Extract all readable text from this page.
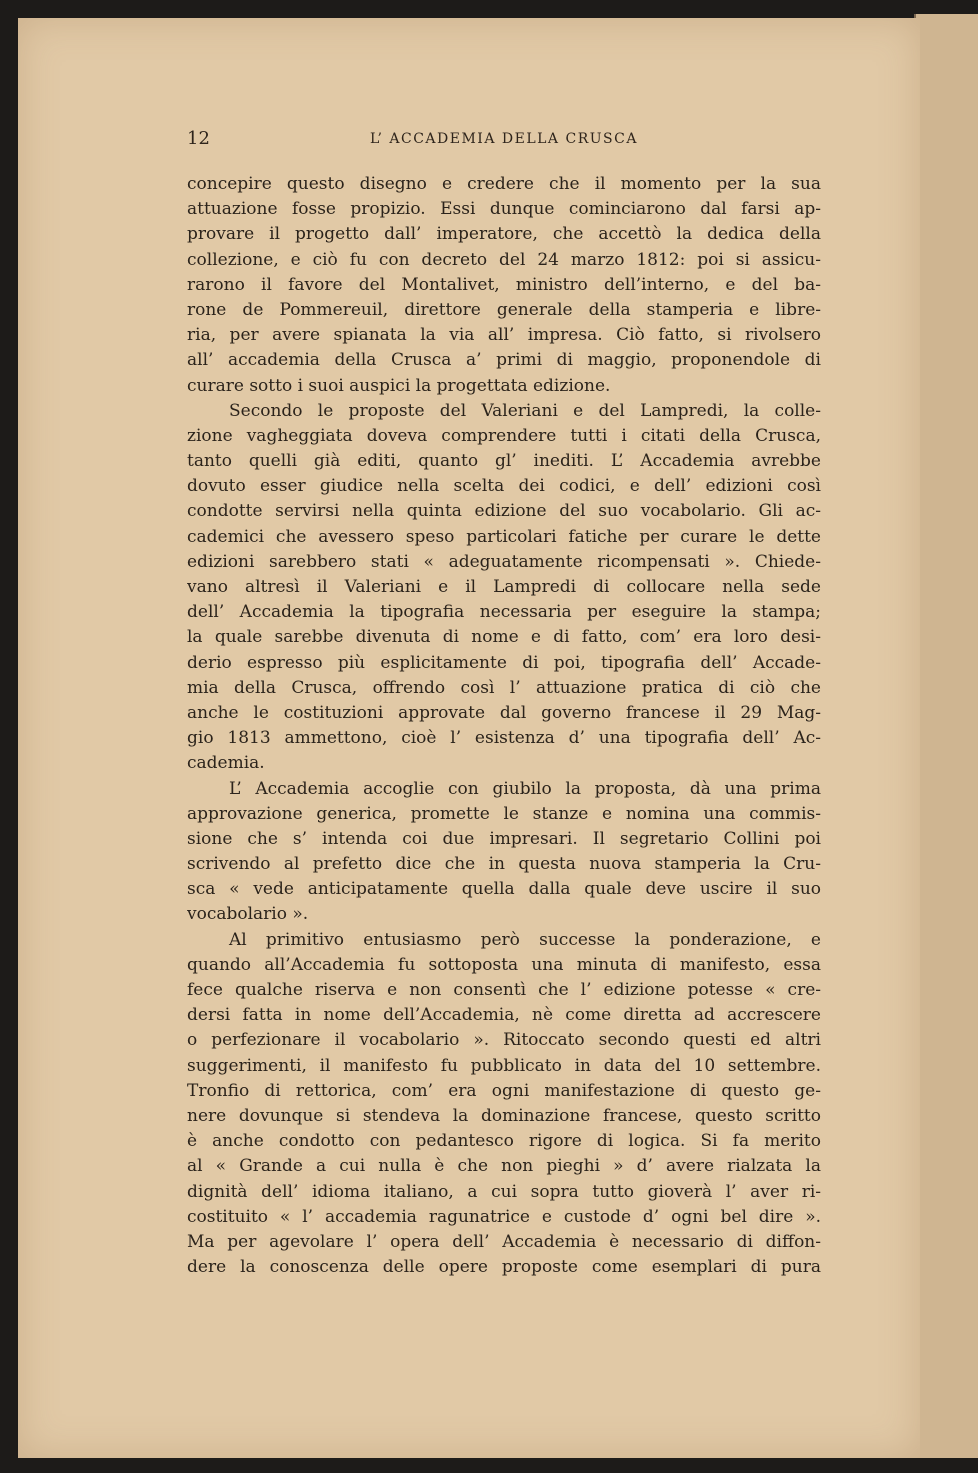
12	L’ ACCADEMIA DELLA CRUSCA
concepire questo disegno e credere che il momento per la sua
attuazione fosse propizio. Essi dunque cominciarono dal farsi ap-
provare il progetto dall’ imperatore, che accettò la dedica della
collezione, e ciò fu con decreto del 24 marzo 1812: poi si assicu-
rarono il favore del Montalivet, ministro dell’interno, e del ba-
rone de Pommereuil, direttore generale della stamperia e libre-
ria, per avere spianata la via all’ impresa. Ciò fatto, si rivolsero
all’ accademia della Crusca a’ primi di maggio, proponendole di
curare sotto i suoi auspici la progettata edizione.
Secondo le proposte del Valeriani e del Lampredi, la colle-
zione vagheggiata doveva comprendere tutti i citati della Crusca,
tanto quelli già editi, quanto gl’ inediti. L’ Accademia avrebbe
dovuto esser giudice nella scelta dei codici, e dell’ edizioni così
condotte servirsi nella quinta edizione del suo vocabolario. Gli ac-
cademici che avessero speso particolari fatiche per curare le dette
edizioni sarebbero stati « adeguatamente ricompensati ». Chiede-
vano altresì il Valeriani e il Lampredi di collocare nella sede
dell’ Accademia la tipografia necessaria per eseguire la stampa;
la quale sarebbe divenuta di nome e di fatto, com’ era loro desi-
derio espresso più esplicitamente di poi, tipografia dell’ Accade-
mia della Crusca, offrendo così l’ attuazione pratica di ciò che
anche le costituzioni approvate dal governo francese il 29 Mag-
gio 1813 ammettono, cioè l’ esistenza d’ una tipografia dell’ Ac-
cademia.
L’ Accademia accoglie con giubilo la proposta, dà una prima
approvazione generica, promette le stanze e nomina una commis-
sione che s’ intenda coi due impresari. Il segretario Collini poi
scrivendo al prefetto dice che in questa nuova stamperia la Cru-
sca « vede anticipatamente quella dalla quale deve uscire il suo
vocabolario ».
Al primitivo entusiasmo però successe la ponderazione, e
quando all’Accademia fu sottoposta una minuta di manifesto, essa
fece qualche riserva e non consentì che l’ edizione potesse « cre-
dersi fatta in nome dell’Accademia, nè come diretta ad accrescere
o perfezionare il vocabolario ». Ritoccato secondo questi ed altri
suggerimenti, il manifesto fu pubblicato in data del 10 settembre.
Tronfio di rettorica, com’ era ogni manifestazione di questo ge-
nere dovunque si stendeva la dominazione francese, questo scritto
è anche condotto con pedantesco rigore di logica. Si fa merito
al « Grande a cui nulla è che non pieghi » d’ avere rialzata la
dignità dell’ idioma italiano, a cui sopra tutto gioverà l’ aver ri-
costituito « l’ accademia ragunatrice e custode d’ ogni bel dire ».
Ma per agevolare l’ opera dell’ Accademia è necessario di diffon-
dere la conoscenza delle opere proposte come esemplari di pura
